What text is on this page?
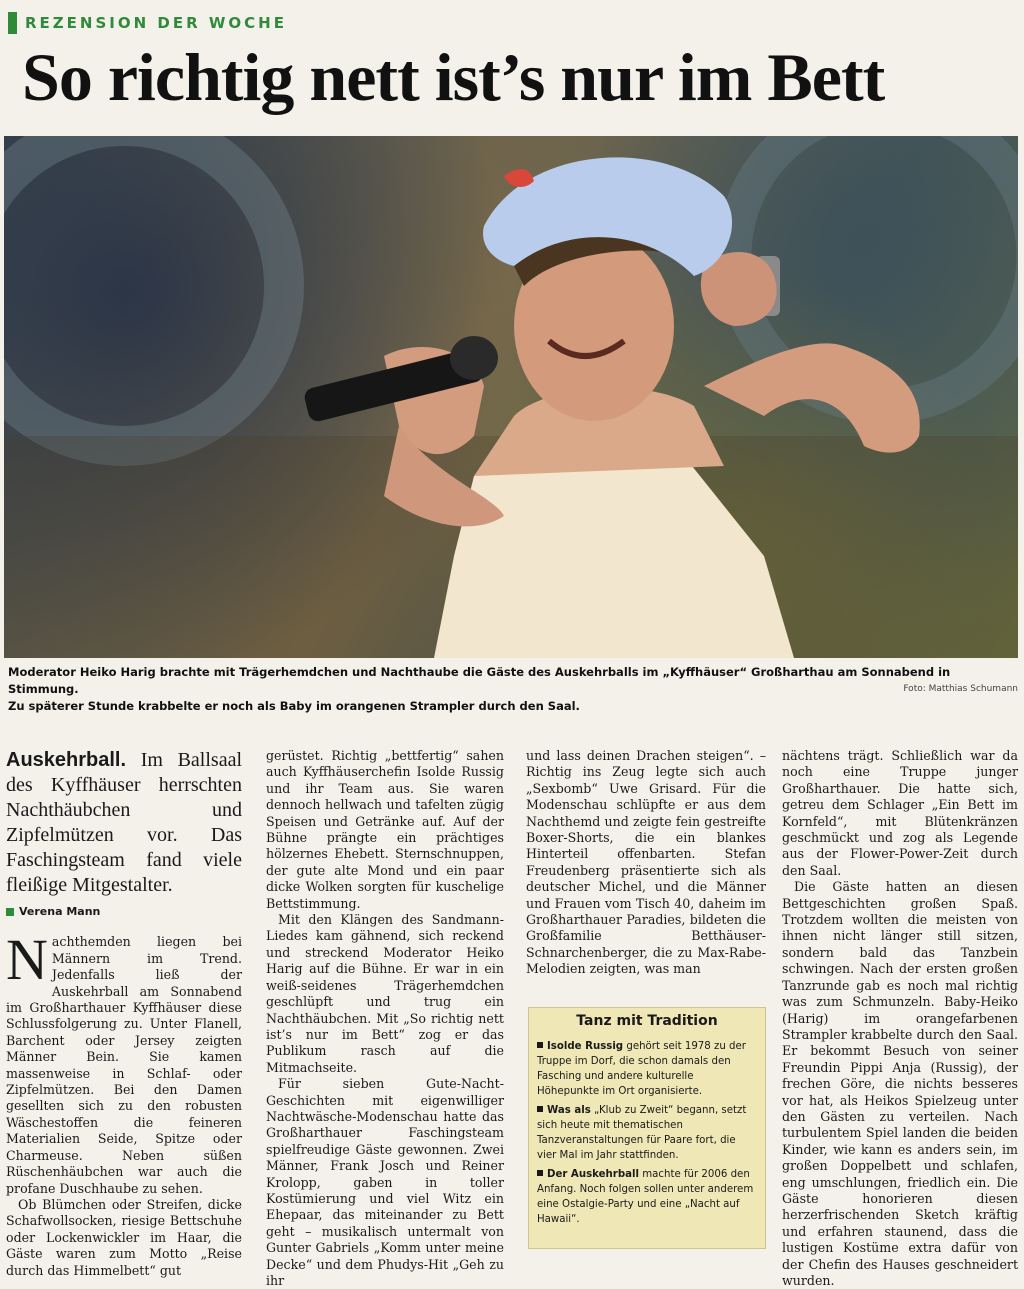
REZENSION DER WOCHE
So richtig nett ist’s nur im Bett
Moderator Heiko Harig brachte mit Trägerhemdchen und Nachthaube die Gäste des Auskehrballs im „Kyffhäuser“ Großharthau am Sonnabend in Stimmung.
Zu späterer Stunde krabbelte er noch als Baby im orangenen Strampler durch den Saal.
Foto: Matthias Schumann

Auskehrball. Im Ballsaal des Kyffhäuser herrschten Nachthäubchen und Zipfelmützen vor. Das Faschingsteam fand viele fleißige Mitgestalter.

Verena Mann

Nachthemden liegen bei Männern im Trend. Jedenfalls ließ der Auskehrball am Sonnabend im Großharthauer Kyffhäuser diese Schlussfolgerung zu. Unter Flanell, Barchent oder Jersey zeigten Männer Bein. Sie kamen massenweise in Schlaf- oder Zipfelmützen. Bei den Damen gesellten sich zu den robusten Wäschestoffen die feineren Materialien Seide, Spitze oder Charmeuse. Neben süßen Rüschenhäubchen war auch die profane Duschhaube zu sehen.

Ob Blümchen oder Streifen, dicke Schafwollsocken, riesige Bettschuhe oder Lockenwickler im Haar, die Gäste waren zum Motto „Reise durch das Himmelbett“ gut

gerüstet. Richtig „bettfertig“ sahen auch Kyffhäuserchefin Isolde Russig und ihr Team aus. Sie waren dennoch hellwach und tafelten zügig Speisen und Getränke auf. Auf der Bühne prängte ein prächtiges hölzernes Ehebett. Sternschnuppen, der gute alte Mond und ein paar dicke Wolken sorgten für kuschelige Bettstimmung.

Mit den Klängen des Sandmann-Liedes kam gähnend, sich reckend und streckend Moderator Heiko Harig auf die Bühne. Er war in ein weiß-seidenes Trägerhemdchen geschlüpft und trug ein Nachthäubchen. Mit „So richtig nett ist’s nur im Bett“ zog er das Publikum rasch auf die Mitmachseite.

Für sieben Gute-Nacht-Geschichten mit eigenwilliger Nachtwäsche-Modenschau hatte das Großharthauer Faschingsteam spielfreudige Gäste gewonnen. Zwei Männer, Frank Josch und Reiner Krolopp, gaben in toller Kostümierung und viel Witz ein Ehepaar, das miteinander zu Bett geht – musikalisch untermalt von Gunter Gabriels „Komm unter meine Decke“ und dem Phudys-Hit „Geh zu ihr

und lass deinen Drachen steigen“. – Richtig ins Zeug legte sich auch „Sexbomb“ Uwe Grisard. Für die Modenschau schlüpfte er aus dem Nachthemd und zeigte fein gestreifte Boxer-Shorts, die ein blankes Hinterteil offenbarten. Stefan Freudenberg präsentierte sich als deutscher Michel, und die Männer und Frauen vom Tisch 40, daheim im Großharthauer Paradies, bildeten die Großfamilie Betthäuser-Schnarchenberger, die zu Max-Rabe-Melodien zeigten, was man

Tanz mit Tradition

Isolde Russig gehört seit 1978 zu der Truppe im Dorf, die schon damals den Fasching und andere kulturelle Höhepunkte im Ort organisierte.

Was als „Klub zu Zweit“ begann, setzt sich heute mit thematischen Tanzveranstaltungen für Paare fort, die vier Mal im Jahr stattfinden.

Der Auskehrball machte für 2006 den Anfang. Noch folgen sollen unter anderem eine Ostalgie-Party und eine „Nacht auf Hawaii“.

nächtens trägt. Schließlich war da noch eine Truppe junger Großharthauer. Die hatte sich, getreu dem Schlager „Ein Bett im Kornfeld“, mit Blütenkränzen geschmückt und zog als Legende aus der Flower-Power-Zeit durch den Saal.

Die Gäste hatten an diesen Bettgeschichten großen Spaß. Trotzdem wollten die meisten von ihnen nicht länger still sitzen, sondern bald das Tanzbein schwingen. Nach der ersten großen Tanzrunde gab es noch mal richtig was zum Schmunzeln. Baby-Heiko (Harig) im orangefarbenen Strampler krabbelte durch den Saal. Er bekommt Besuch von seiner Freundin Pippi Anja (Russig), der frechen Göre, die nichts besseres vor hat, als Heikos Spielzeug unter den Gästen zu verteilen. Nach turbulentem Spiel landen die beiden Kinder, wie kann es anders sein, im großen Doppelbett und schlafen, eng umschlungen, friedlich ein. Die Gäste honorieren diesen herzerfrischenden Sketch kräftig und erfahren staunend, dass die lustigen Kostüme extra dafür von der Chefin des Hauses geschneidert wurden.
